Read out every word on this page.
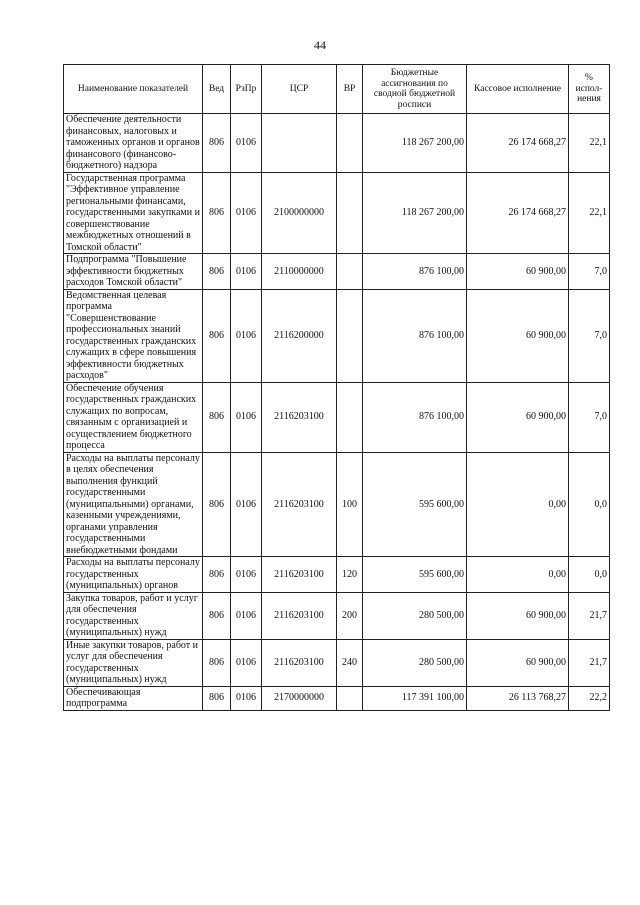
44
Наименование показателей	Вед	РзПр	ЦСР	ВР	Бюджетные ассигнования по сводной бюджетной росписи	Кассовое исполнение	% испол-нения
Обеспечение деятельности финансовых, налоговых и таможенных органов и органов финансового (финансово-бюджетного) надзора	806	0106			118 267 200,00	26 174 668,27	22,1
Государственная программа "Эффективное управление региональными финансами, государственными закупками и совершенствование межбюджетных отношений в Томской области"	806	0106	2100000000		118 267 200,00	26 174 668,27	22,1
Подпрограмма "Повышение эффективности бюджетных расходов Томской области"	806	0106	2110000000		876 100,00	60 900,00	7,0
Ведомственная целевая программа "Совершенствование профессиональных знаний государственных гражданских служащих в сфере повышения эффективности бюджетных расходов"	806	0106	2116200000		876 100,00	60 900,00	7,0
Обеспечение обучения государственных гражданских служащих по вопросам, связанным с организацией и осуществлением бюджетного процесса	806	0106	2116203100		876 100,00	60 900,00	7,0
Расходы на выплаты персоналу в целях обеспечения выполнения функций государственными (муниципальными) органами, казенными учреждениями, органами управления государственными внебюджетными фондами	806	0106	2116203100	100	595 600,00	0,00	0,0
Расходы на выплаты персоналу государственных (муниципальных) органов	806	0106	2116203100	120	595 600,00	0,00	0,0
Закупка товаров, работ и услуг для обеспечения государственных (муниципальных) нужд	806	0106	2116203100	200	280 500,00	60 900,00	21,7
Иные закупки товаров, работ и услуг для обеспечения государственных (муниципальных) нужд	806	0106	2116203100	240	280 500,00	60 900,00	21,7
Обеспечивающая подпрограмма	806	0106	2170000000		117 391 100,00	26 113 768,27	22,2
